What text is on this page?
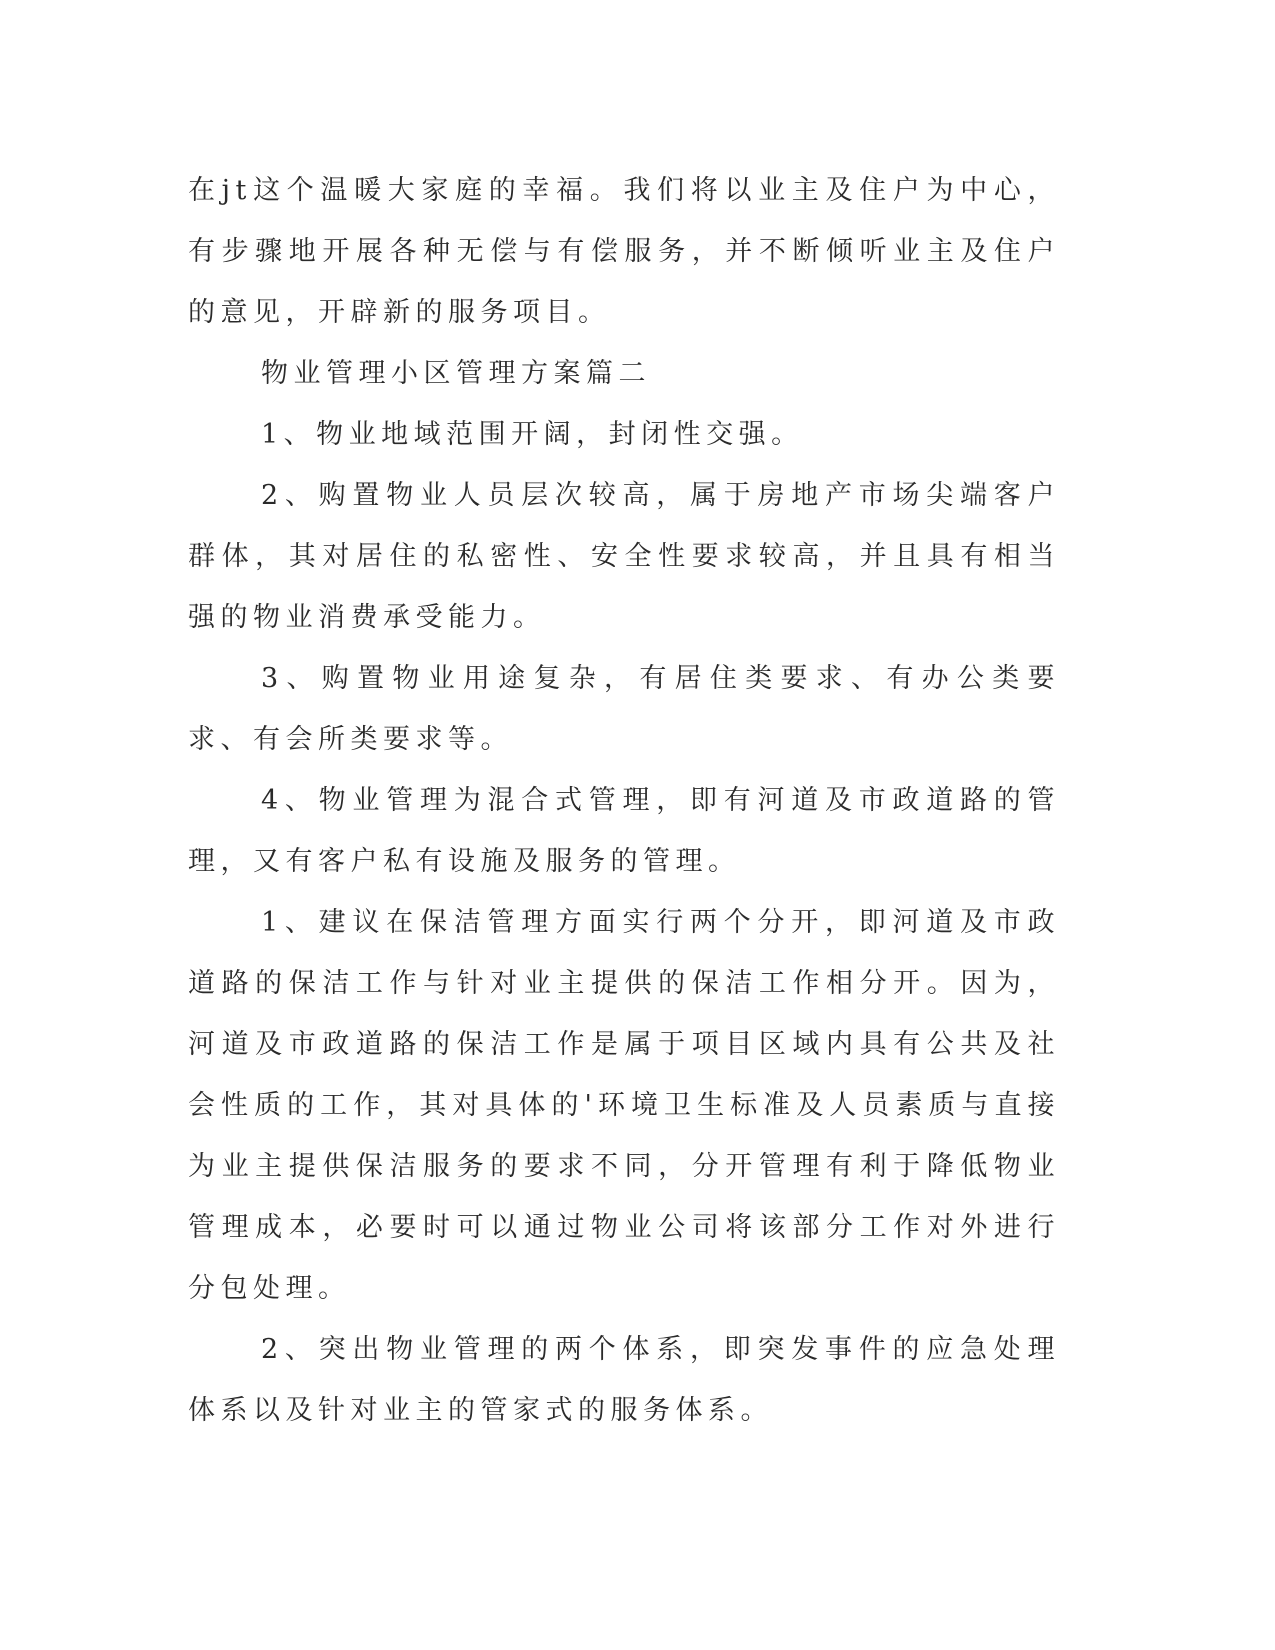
在jt这个温暖大家庭的幸福。我们将以业主及住户为中心，有步骤地开展各种无偿与有偿服务，并不断倾听业主及住户的意见，开辟新的服务项目。

物业管理小区管理方案篇二

1、物业地域范围开阔，封闭性交强。

2、购置物业人员层次较高，属于房地产市场尖端客户群体，其对居住的私密性、安全性要求较高，并且具有相当强的物业消费承受能力。

3、购置物业用途复杂，有居住类要求、有办公类要求、有会所类要求等。

4、物业管理为混合式管理，即有河道及市政道路的管理，又有客户私有设施及服务的管理。

1、建议在保洁管理方面实行两个分开，即河道及市政道路的保洁工作与针对业主提供的保洁工作相分开。因为，河道及市政道路的保洁工作是属于项目区域内具有公共及社会性质的工作，其对具体的'环境卫生标准及人员素质与直接为业主提供保洁服务的要求不同，分开管理有利于降低物业管理成本，必要时可以通过物业公司将该部分工作对外进行分包处理。

2、突出物业管理的两个体系，即突发事件的应急处理体系以及针对业主的管家式的服务体系。
